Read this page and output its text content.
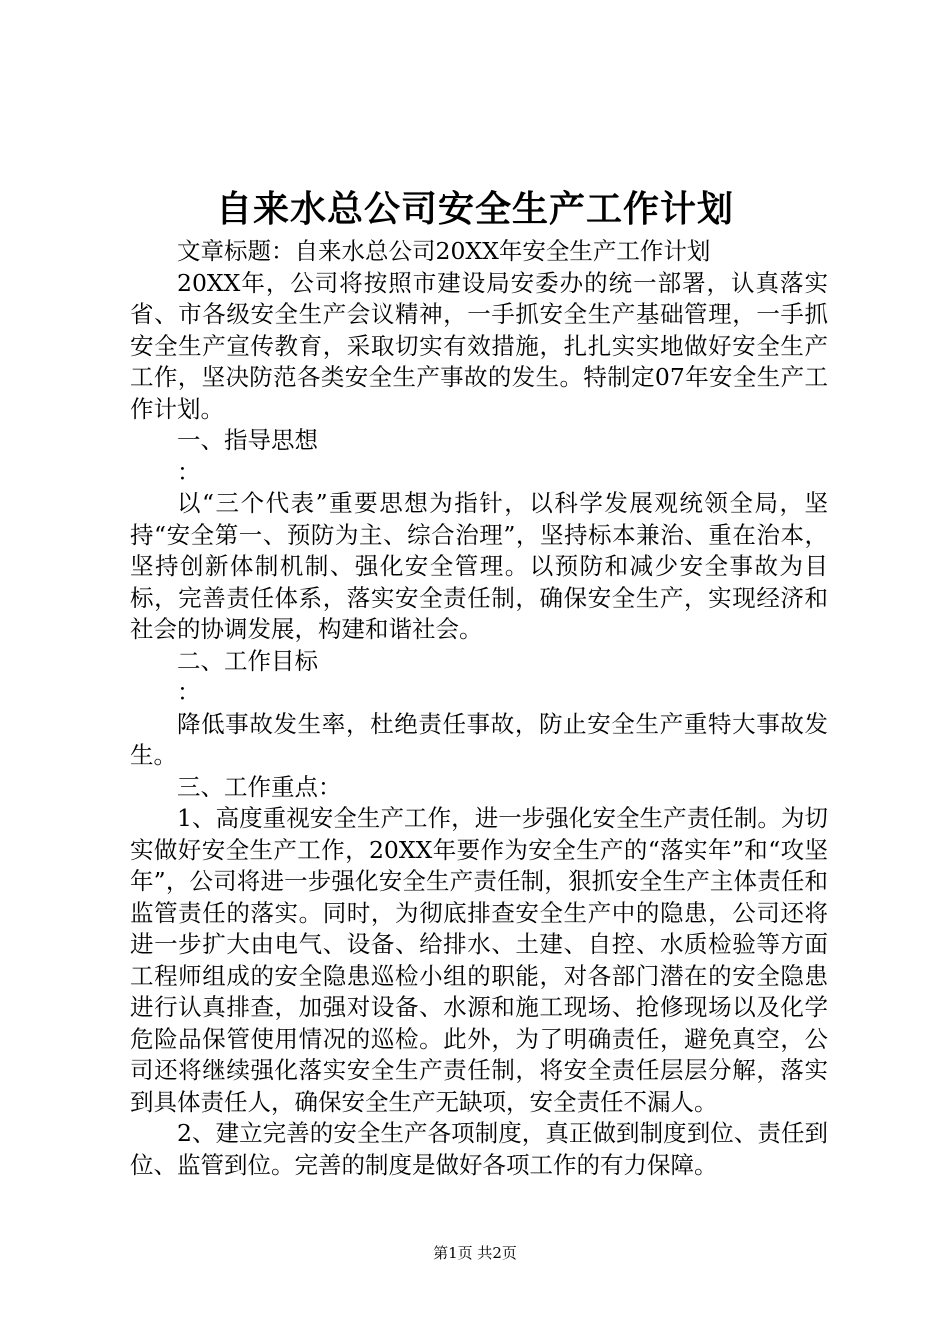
自来水总公司安全生产工作计划

文章标题：自来水总公司20XX年安全生产工作计划

20XX年，公司将按照市建设局安委办的统一部署，认真落实省、市各级安全生产会议精神，一手抓安全生产基础管理，一手抓安全生产宣传教育，采取切实有效措施，扎扎实实地做好安全生产工作，坚决防范各类安全生产事故的发生。特制定07年安全生产工作计划。

一、指导思想

：

以“三个代表”重要思想为指针，以科学发展观统领全局，坚持“安全第一、预防为主、综合治理”，坚持标本兼治、重在治本，坚持创新体制机制、强化安全管理。以预防和减少安全事故为目标，完善责任体系，落实安全责任制，确保安全生产，实现经济和社会的协调发展，构建和谐社会。

二、工作目标

：

降低事故发生率，杜绝责任事故，防止安全生产重特大事故发生。

三、工作重点：

1、高度重视安全生产工作，进一步强化安全生产责任制。为切实做好安全生产工作，20XX年要作为安全生产的“落实年”和“攻坚年”，公司将进一步强化安全生产责任制，狠抓安全生产主体责任和监管责任的落实。同时，为彻底排查安全生产中的隐患，公司还将进一步扩大由电气、设备、给排水、土建、自控、水质检验等方面工程师组成的安全隐患巡检小组的职能，对各部门潜在的安全隐患进行认真排查，加强对设备、水源和施工现场、抢修现场以及化学危险品保管使用情况的巡检。此外，为了明确责任，避免真空，公司还将继续强化落实安全生产责任制，将安全责任层层分解，落实到具体责任人，确保安全生产无缺项，安全责任不漏人。

2、建立完善的安全生产各项制度，真正做到制度到位、责任到位、监管到位。完善的制度是做好各项工作的有力保障。

第1页 共2页
